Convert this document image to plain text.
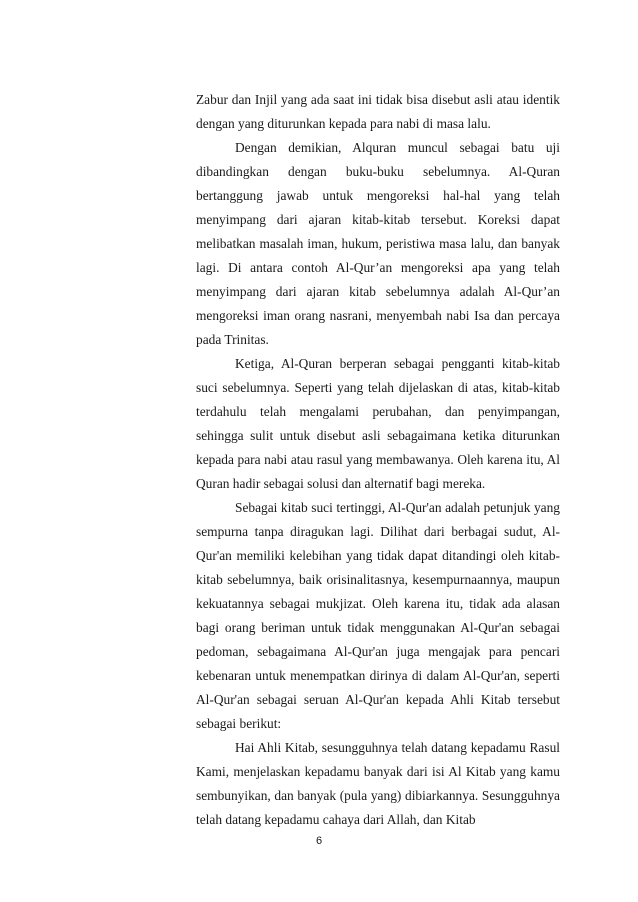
Zabur dan Injil yang ada saat ini tidak bisa disebut asli atau identik dengan yang diturunkan kepada para nabi di masa lalu.

Dengan demikian, Alquran muncul sebagai batu uji dibandingkan dengan buku-buku sebelumnya. Al-Quran bertanggung jawab untuk mengoreksi hal-hal yang telah menyimpang dari ajaran kitab-kitab tersebut. Koreksi dapat melibatkan masalah iman, hukum, peristiwa masa lalu, dan banyak lagi. Di antara contoh Al-Qur’an mengoreksi apa yang telah menyimpang dari ajaran kitab sebelumnya adalah Al-Qur’an mengoreksi iman orang nasrani, menyembah nabi Isa dan percaya pada Trinitas.

Ketiga, Al-Quran berperan sebagai pengganti kitab-kitab suci sebelumnya. Seperti yang telah dijelaskan di atas, kitab-kitab terdahulu telah mengalami perubahan, dan penyimpangan, sehingga sulit untuk disebut asli sebagaimana ketika diturunkan kepada para nabi atau rasul yang membawanya. Oleh karena itu, Al Quran hadir sebagai solusi dan alternatif bagi mereka.

Sebagai kitab suci tertinggi, Al-Qur'an adalah petunjuk yang sempurna tanpa diragukan lagi. Dilihat dari berbagai sudut, Al-Qur'an memiliki kelebihan yang tidak dapat ditandingi oleh kitab-kitab sebelumnya, baik orisinalitasnya, kesempurnaannya, maupun kekuatannya sebagai mukjizat. Oleh karena itu, tidak ada alasan bagi orang beriman untuk tidak menggunakan Al-Qur'an sebagai pedoman, sebagaimana Al-Qur'an juga mengajak para pencari kebenaran untuk menempatkan dirinya di dalam Al-Qur'an, seperti Al-Qur'an sebagai seruan Al-Qur'an kepada Ahli Kitab tersebut sebagai berikut:

Hai Ahli Kitab, sesungguhnya telah datang kepadamu Rasul Kami, menjelaskan kepadamu banyak dari isi Al Kitab yang kamu sembunyikan, dan banyak (pula yang) dibiarkannya. Sesungguhnya telah datang kepadamu cahaya dari Allah, dan Kitab

6
